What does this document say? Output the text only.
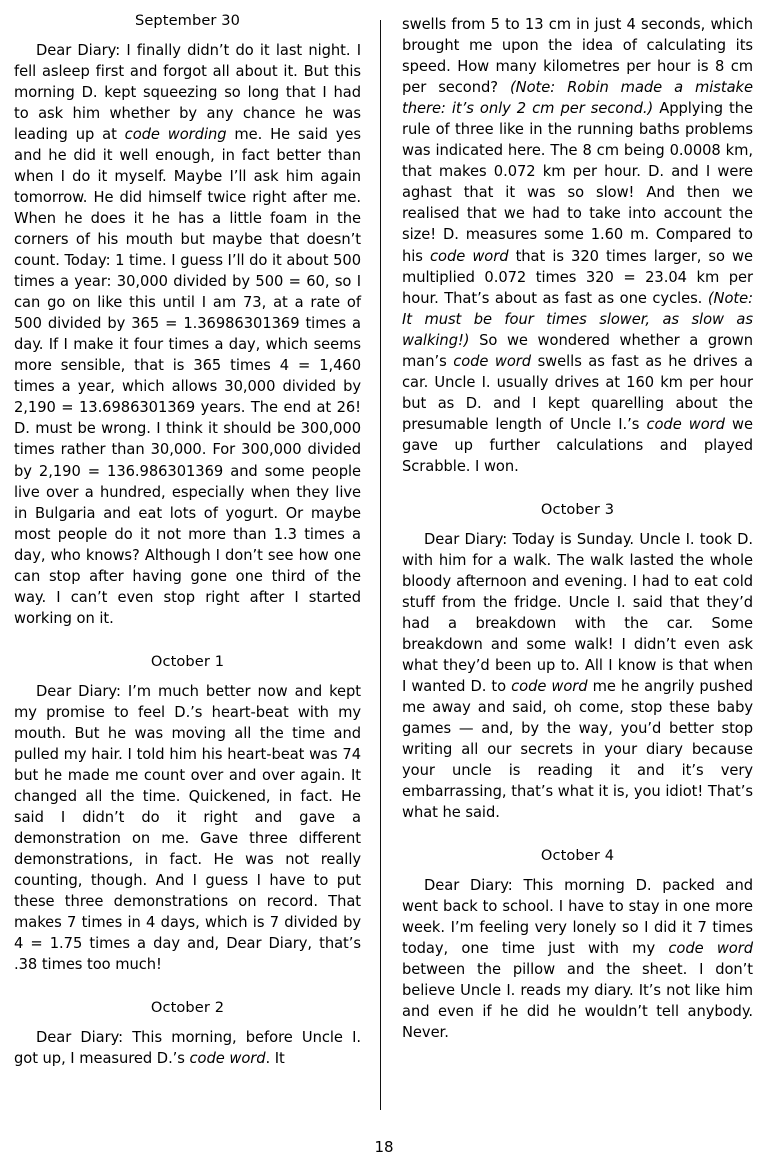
September 30

Dear Diary: I finally didn’t do it last night. I fell asleep first and forgot all about it. But this morning D. kept squeezing so long that I had to ask him whether by any chance he was leading up at code wording me. He said yes and he did it well enough, in fact better than when I do it myself. Maybe I’ll ask him again tomorrow. He did himself twice right after me. When he does it he has a little foam in the corners of his mouth but maybe that doesn’t count. Today: 1 time. I guess I’ll do it about 500 times a year: 30,000 divided by 500 = 60, so I can go on like this until I am 73, at a rate of 500 divided by 365 = 1.36986301369 times a day. If I make it four times a day, which seems more sensible, that is 365 times 4 = 1,460 times a year, which allows 30,000 divided by 2,190 = 13.6986301369 years. The end at 26! D. must be wrong. I think it should be 300,000 times rather than 30,000. For 300,000 divided by 2,190 = 136.986301369 and some people live over a hundred, especially when they live in Bulgaria and eat lots of yogurt. Or maybe most people do it not more than 1.3 times a day, who knows? Although I don’t see how one can stop after having gone one third of the way. I can’t even stop right after I started working on it.

October 1

Dear Diary: I’m much better now and kept my promise to feel D.’s heart-beat with my mouth. But he was moving all the time and pulled my hair. I told him his heart-beat was 74 but he made me count over and over again. It changed all the time. Quickened, in fact. He said I didn’t do it right and gave a demonstration on me. Gave three different demonstrations, in fact. He was not really counting, though. And I guess I have to put these three demonstrations on record. That makes 7 times in 4 days, which is 7 divided by 4 = 1.75 times a day and, Dear Diary, that’s .38 times too much!

October 2

Dear Diary: This morning, before Uncle I. got up, I measured D.’s code word. It

swells from 5 to 13 cm in just 4 seconds, which brought me upon the idea of calculating its speed. How many kilometres per hour is 8 cm per second? (Note: Robin made a mistake there: it’s only 2 cm per second.) Applying the rule of three like in the running baths problems was indicated here. The 8 cm being 0.0008 km, that makes 0.072 km per hour. D. and I were aghast that it was so slow! And then we realised that we had to take into account the size! D. measures some 1.60 m. Compared to his code word that is 320 times larger, so we multiplied 0.072 times 320 = 23.04 km per hour. That’s about as fast as one cycles. (Note: It must be four times slower, as slow as walking!) So we wondered whether a grown man’s code word swells as fast as he drives a car. Uncle I. usually drives at 160 km per hour but as D. and I kept quarelling about the presumable length of Uncle I.’s code word we gave up further calculations and played Scrabble. I won.

October 3

Dear Diary: Today is Sunday. Uncle I. took D. with him for a walk. The walk lasted the whole bloody afternoon and evening. I had to eat cold stuff from the fridge. Uncle I. said that they’d had a breakdown with the car. Some breakdown and some walk! I didn’t even ask what they’d been up to. All I know is that when I wanted D. to code word me he angrily pushed me away and said, oh come, stop these baby games — and, by the way, you’d better stop writing all our secrets in your diary because your uncle is reading it and it’s very embarrassing, that’s what it is, you idiot! That’s what he said.

October 4

Dear Diary: This morning D. packed and went back to school. I have to stay in one more week. I’m feeling very lonely so I did it 7 times today, one time just with my code word between the pillow and the sheet. I don’t believe Uncle I. reads my diary. It’s not like him and even if he did he wouldn’t tell anybody. Never.

18
